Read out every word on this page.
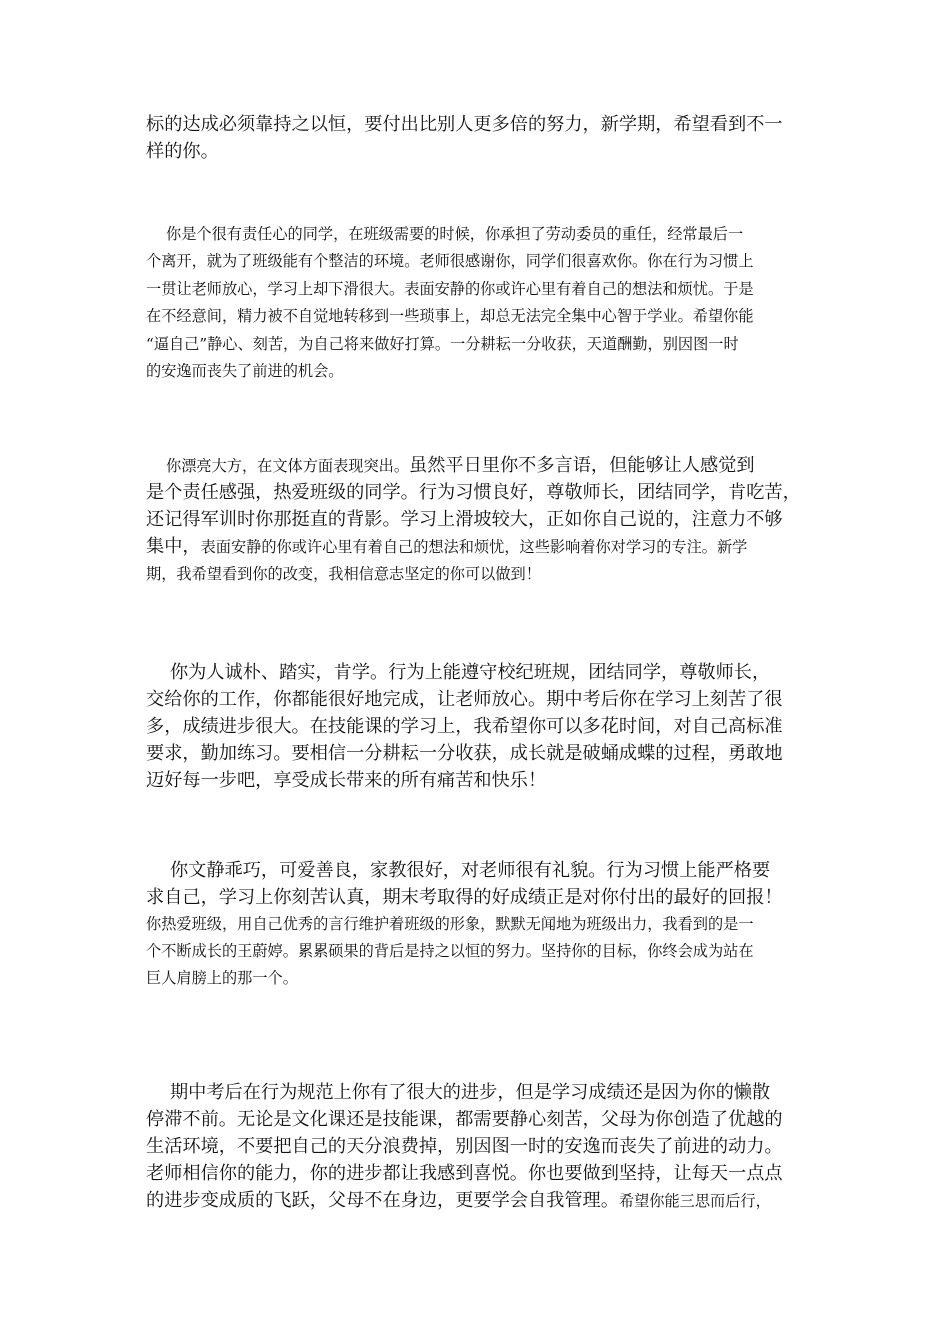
标的达成必须靠持之以恒，要付出比别人更多倍的努力，新学期，希望看到不一
样的你。
　 你是个很有责任心的同学，在班级需要的时候，你承担了劳动委员的重任，经常最后一
个离开，就为了班级能有个整洁的环境。老师很感谢你，同学们很喜欢你。你在行为习惯上
一贯让老师放心，学习上却下滑很大。表面安静的你或许心里有着自己的想法和烦忧。于是
在不经意间，精力被不自觉地转移到一些琐事上，却总无法完全集中心智于学业。希望你能
“逼自己”静心、刻苦，为自己将来做好打算。一分耕耘一分收获，天道酬勤，别因图一时
的安逸而丧失了前进的机会。
　 你漂亮大方，在文体方面表现突出。虽然平日里你不多言语，但能够让人感觉到
是个责任感强，热爱班级的同学。行为习惯良好，尊敬师长，团结同学，肯吃苦，
还记得军训时你那挺直的背影。学习上滑坡较大，正如你自己说的，注意力不够
集中，表面安静的你或许心里有着自己的想法和烦忧，这些影响着你对学习的专注。新学
期，我希望看到你的改变，我相信意志坚定的你可以做到！
　 你为人诚朴、踏实，肯学。行为上能遵守校纪班规，团结同学，尊敬师长，
交给你的工作，你都能很好地完成，让老师放心。期中考后你在学习上刻苦了很
多，成绩进步很大。在技能课的学习上，我希望你可以多花时间，对自己高标准
要求，勤加练习。要相信一分耕耘一分收获，成长就是破蛹成蝶的过程，勇敢地
迈好每一步吧，享受成长带来的所有痛苦和快乐！
　 你文静乖巧，可爱善良，家教很好，对老师很有礼貌。行为习惯上能严格要
求自己，学习上你刻苦认真，期末考取得的好成绩正是对你付出的最好的回报！
你热爱班级，用自己优秀的言行维护着班级的形象，默默无闻地为班级出力，我看到的是一
个不断成长的王蔚婷。累累硕果的背后是持之以恒的努力。坚持你的目标，你终会成为站在
巨人肩膀上的那一个。
　 期中考后在行为规范上你有了很大的进步，但是学习成绩还是因为你的懒散
停滞不前。无论是文化课还是技能课，都需要静心刻苦，父母为你创造了优越的
生活环境，不要把自己的天分浪费掉，别因图一时的安逸而丧失了前进的动力。
老师相信你的能力，你的进步都让我感到喜悦。你也要做到坚持，让每天一点点
的进步变成质的飞跃，父母不在身边，更要学会自我管理。希望你能三思而后行，
